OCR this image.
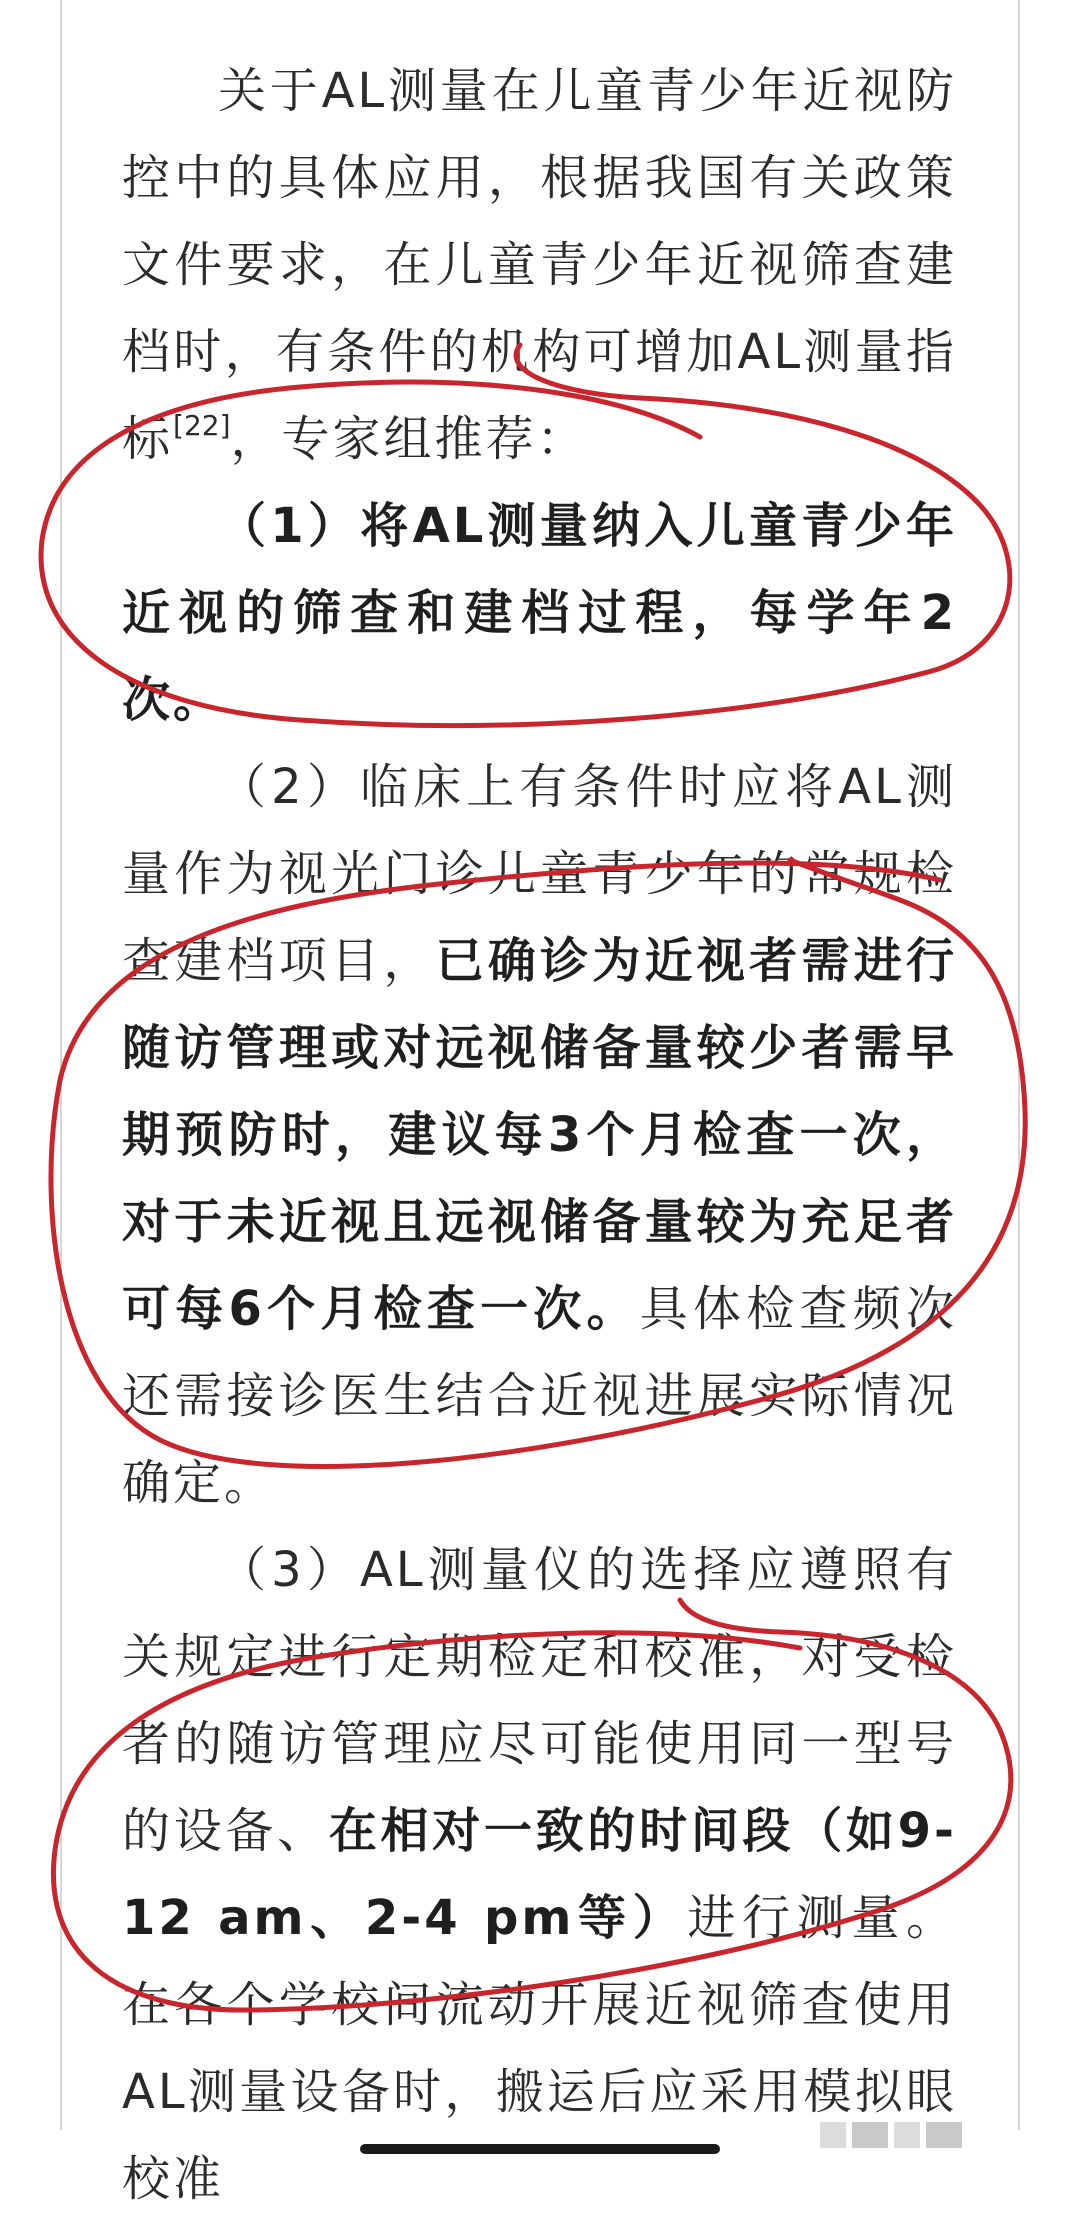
关于AL测量在儿童青少年近视防控中的具体应用，根据我国有关政策文件要求，在儿童青少年近视筛查建档时，有条件的机构可增加AL测量指标[22]，专家组推荐：

（1）将AL测量纳入儿童青少年近视的筛查和建档过程，每学年2次。

（2）临床上有条件时应将AL测量作为视光门诊儿童青少年的常规检查建档项目，已确诊为近视者需进行随访管理或对远视储备量较少者需早期预防时，建议每3个月检查一次，对于未近视且远视储备量较为充足者可每6个月检查一次。具体检查频次还需接诊医生结合近视进展实际情况确定。

（3）AL测量仪的选择应遵照有关规定进行定期检定和校准，对受检者的随访管理应尽可能使用同一型号的设备、在相对一致的时间段（如9-12 am、2-4 pm等）进行测量。在各个学校间流动开展近视筛查使用AL测量设备时，搬运后应采用模拟眼校准
